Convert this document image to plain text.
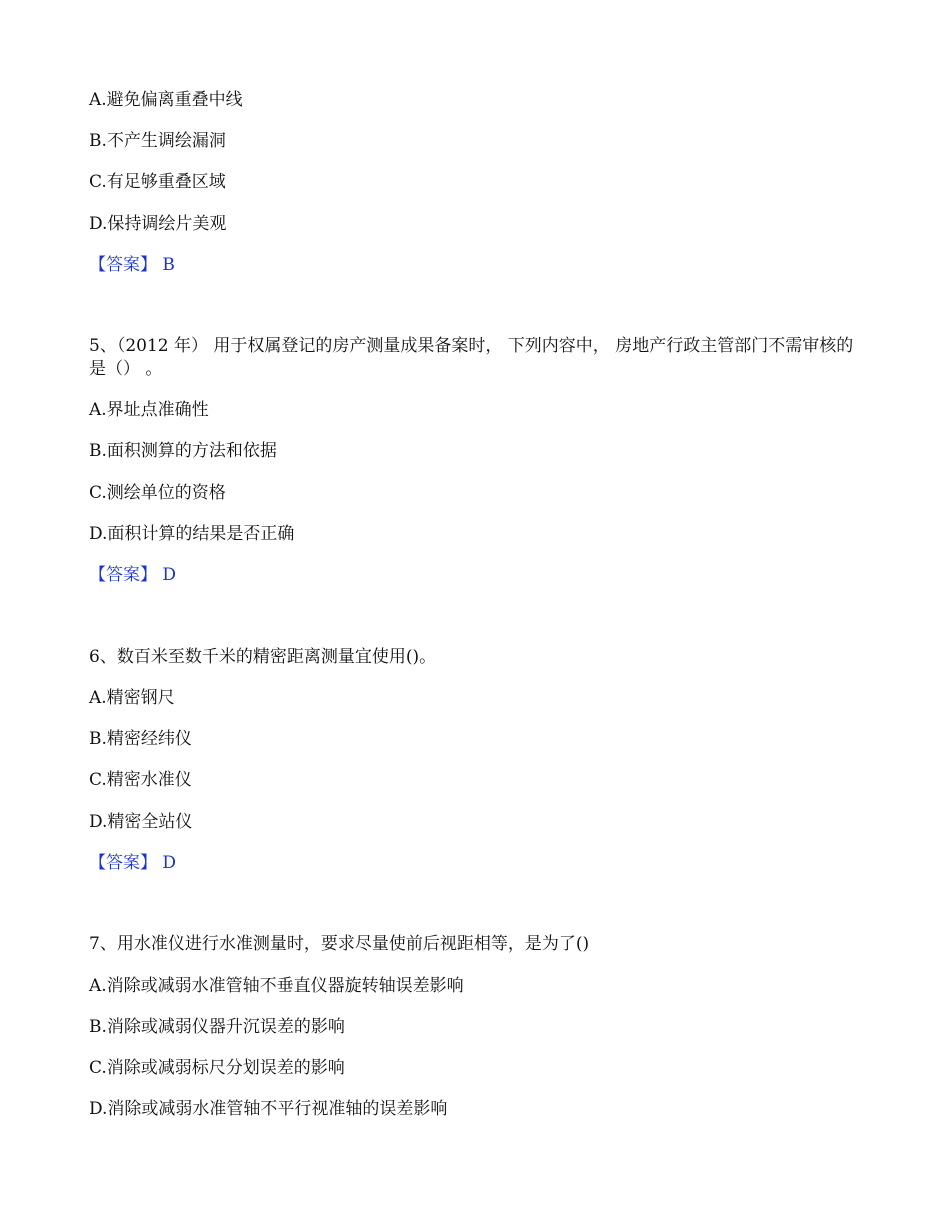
A.避免偏离重叠中线
B.不产生调绘漏洞
C.有足够重叠区域
D.保持调绘片美观
【答案】 B
5、（2012 年） 用于权属登记的房产测量成果备案时， 下列内容中， 房地产行政主管部门不需审核的是（） 。
A.界址点准确性
B.面积测算的方法和依据
C.测绘单位的资格
D.面积计算的结果是否正确
【答案】 D
6、数百米至数千米的精密距离测量宜使用()。
A.精密钢尺
B.精密经纬仪
C.精密水准仪
D.精密全站仪
【答案】 D
7、用水准仪进行水准测量时，要求尽量使前后视距相等，是为了()
A.消除或减弱水准管轴不垂直仪器旋转轴误差影响
B.消除或减弱仪器升沉误差的影响
C.消除或减弱标尺分划误差的影响
D.消除或减弱水准管轴不平行视准轴的误差影响
